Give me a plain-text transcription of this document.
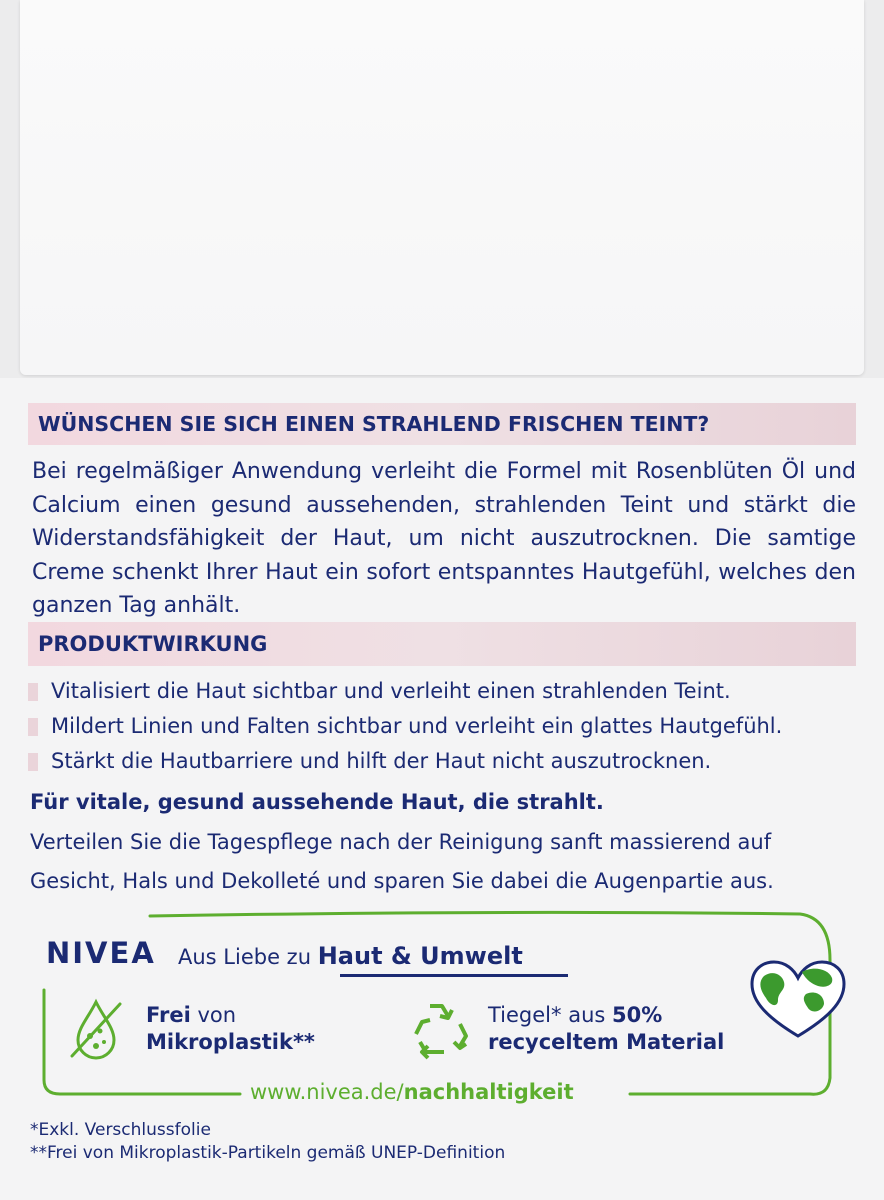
WÜNSCHEN SIE SICH EINEN STRAHLEND FRISCHEN TEINT?
Bei regelmäßiger Anwendung verleiht die Formel mit Rosenblüten Öl und Calcium einen gesund aussehenden, strahlenden Teint und stärkt die Widerstandsfähigkeit der Haut, um nicht auszutrocknen. Die samtige Creme schenkt Ihrer Haut ein sofort entspanntes Hautgefühl, welches den ganzen Tag anhält.
PRODUKTWIRKUNG
Vitalisiert die Haut sichtbar und verleiht einen strahlenden Teint.
Mildert Linien und Falten sichtbar und verleiht ein glattes Hautgefühl.
Stärkt die Hautbarriere und hilft der Haut nicht auszutrocknen.
Für vitale, gesund aussehende Haut, die strahlt.
Verteilen Sie die Tagespflege nach der Reinigung sanft massierend auf Gesicht, Hals und Dekolleté und sparen Sie dabei die Augenpartie aus.
NIVEA Aus Liebe zu Haut & Umwelt
Frei von
Mikroplastik**
Tiegel* aus 50%
recyceltem Material
www.nivea.de/nachhaltigkeit
*Exkl. Verschlussfolie
**Frei von Mikroplastik-Partikeln gemäß UNEP-Definition
